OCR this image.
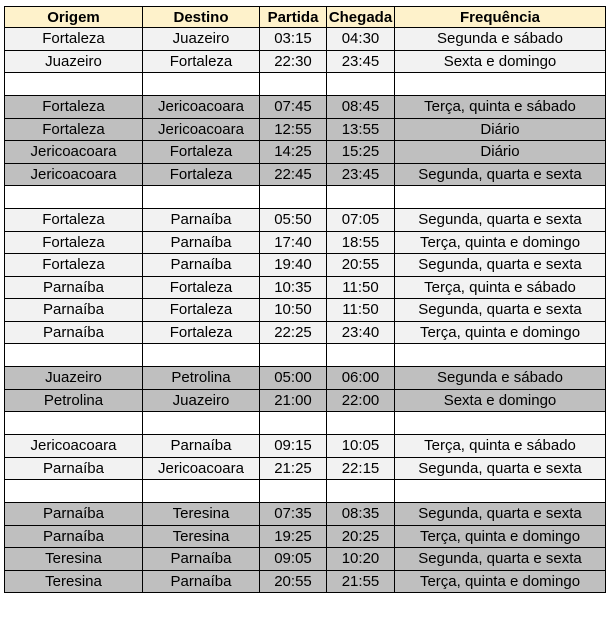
Origem	Destino	Partida	Chegada	Frequência
Fortaleza	Juazeiro	03:15	04:30	Segunda e sábado
Juazeiro	Fortaleza	22:30	23:45	Sexta e domingo

Fortaleza	Jericoacoara	07:45	08:45	Terça, quinta e sábado
Fortaleza	Jericoacoara	12:55	13:55	Diário
Jericoacoara	Fortaleza	14:25	15:25	Diário
Jericoacoara	Fortaleza	22:45	23:45	Segunda, quarta e sexta

Fortaleza	Parnaíba	05:50	07:05	Segunda, quarta e sexta
Fortaleza	Parnaíba	17:40	18:55	Terça, quinta e domingo
Fortaleza	Parnaíba	19:40	20:55	Segunda, quarta e sexta
Parnaíba	Fortaleza	10:35	11:50	Terça, quinta e sábado
Parnaíba	Fortaleza	10:50	11:50	Segunda, quarta e sexta
Parnaíba	Fortaleza	22:25	23:40	Terça, quinta e domingo

Juazeiro	Petrolina	05:00	06:00	Segunda e sábado
Petrolina	Juazeiro	21:00	22:00	Sexta e domingo

Jericoacoara	Parnaíba	09:15	10:05	Terça, quinta e sábado
Parnaíba	Jericoacoara	21:25	22:15	Segunda, quarta e sexta

Parnaíba	Teresina	07:35	08:35	Segunda, quarta e sexta
Parnaíba	Teresina	19:25	20:25	Terça, quinta e domingo
Teresina	Parnaíba	09:05	10:20	Segunda, quarta e sexta
Teresina	Parnaíba	20:55	21:55	Terça, quinta e domingo
